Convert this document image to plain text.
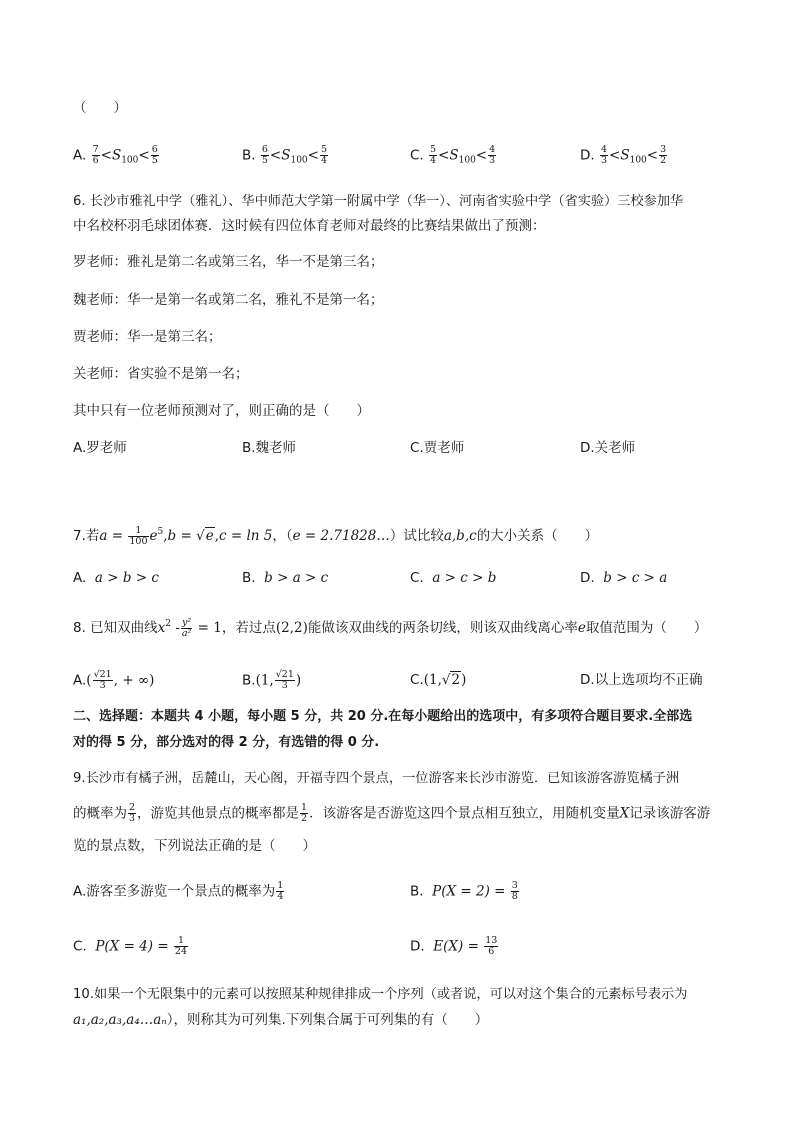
（　　）
A. $\frac{7}{6} <S_{100}< \frac{6}{5}$	B. $\frac{6}{5} <S_{100}< \frac{5}{4}$	C. $\frac{5}{4} <S_{100}< \frac{4}{3}$	D. $\frac{4}{3} <S_{100}< \frac{3}{2}$
6. 长沙市雅礼中学（雅礼）、华中师范大学第一附属中学（华一）、河南省实验中学（省实验）三校参加华
中名校杯羽毛球团体赛．这时候有四位体育老师对最终的比赛结果做出了预测：
罗老师：雅礼是第二名或第三名，华一不是第三名；
魏老师：华一是第一名或第二名，雅礼不是第一名；
贾老师：华一是第三名；
关老师：省实验不是第一名；
其中只有一位老师预测对了，则正确的是（　　）
A.罗老师	B.魏老师	C.贾老师	D.关老师
7.若$a = \frac{1}{100} e^5,b = √e,c = \ln 5$，（e = 2.71828…）试比较a,b,c的大小关系（　　）
A. a > b > c	B. b > a > c	C. a > c > b	D. b > c > a
8. 已知双曲线$x^2 - \frac{\text{y²}}{\text{a²}} = 1$，若过点(2,2)能做该双曲线的两条切线，则该双曲线离心率e取值范围为（　　）
$A.( \frac{√21}{3}$ , + ∞)	B.(1, $\frac{√21}{3}$ )	C.(1,√2)	D.以上选项均不正确
二、选择题：本题共 4 小题，每小题 5 分，共 20 分.在每小题给出的选项中，有多项符合题目要求.全部选
对的得 5 分，部分选对的得 2 分，有选错的得 0 分.
9.长沙市有橘子洲，岳麓山，天心阁，开福寺四个景点，一位游客来长沙市游览．已知该游客游览橘子洲
的概率为 $\frac{2}{3}$ ，游览其他景点的概率都是 $\frac{1}{2}$ ．该游客是否游览这四个景点相互独立，用随机变量X记录该游客游
览的景点数，下列说法正确的是（　　）
A.游客至多游览一个景点的概率为 $\frac{1}{4}$	B. $P(X = 2) = \frac{3}{8}$
C. $P(X = 4) = \frac{1}{24}$	D. $E(X) = \frac{13}{6}$
10.如果一个无限集中的元素可以按照某种规律排成一个序列（或者说，可以对这个集合的元素标号表示为
a₁,a₂,a₃,a₄…aₙ），则称其为可列集.下列集合属于可列集的有（　　）
